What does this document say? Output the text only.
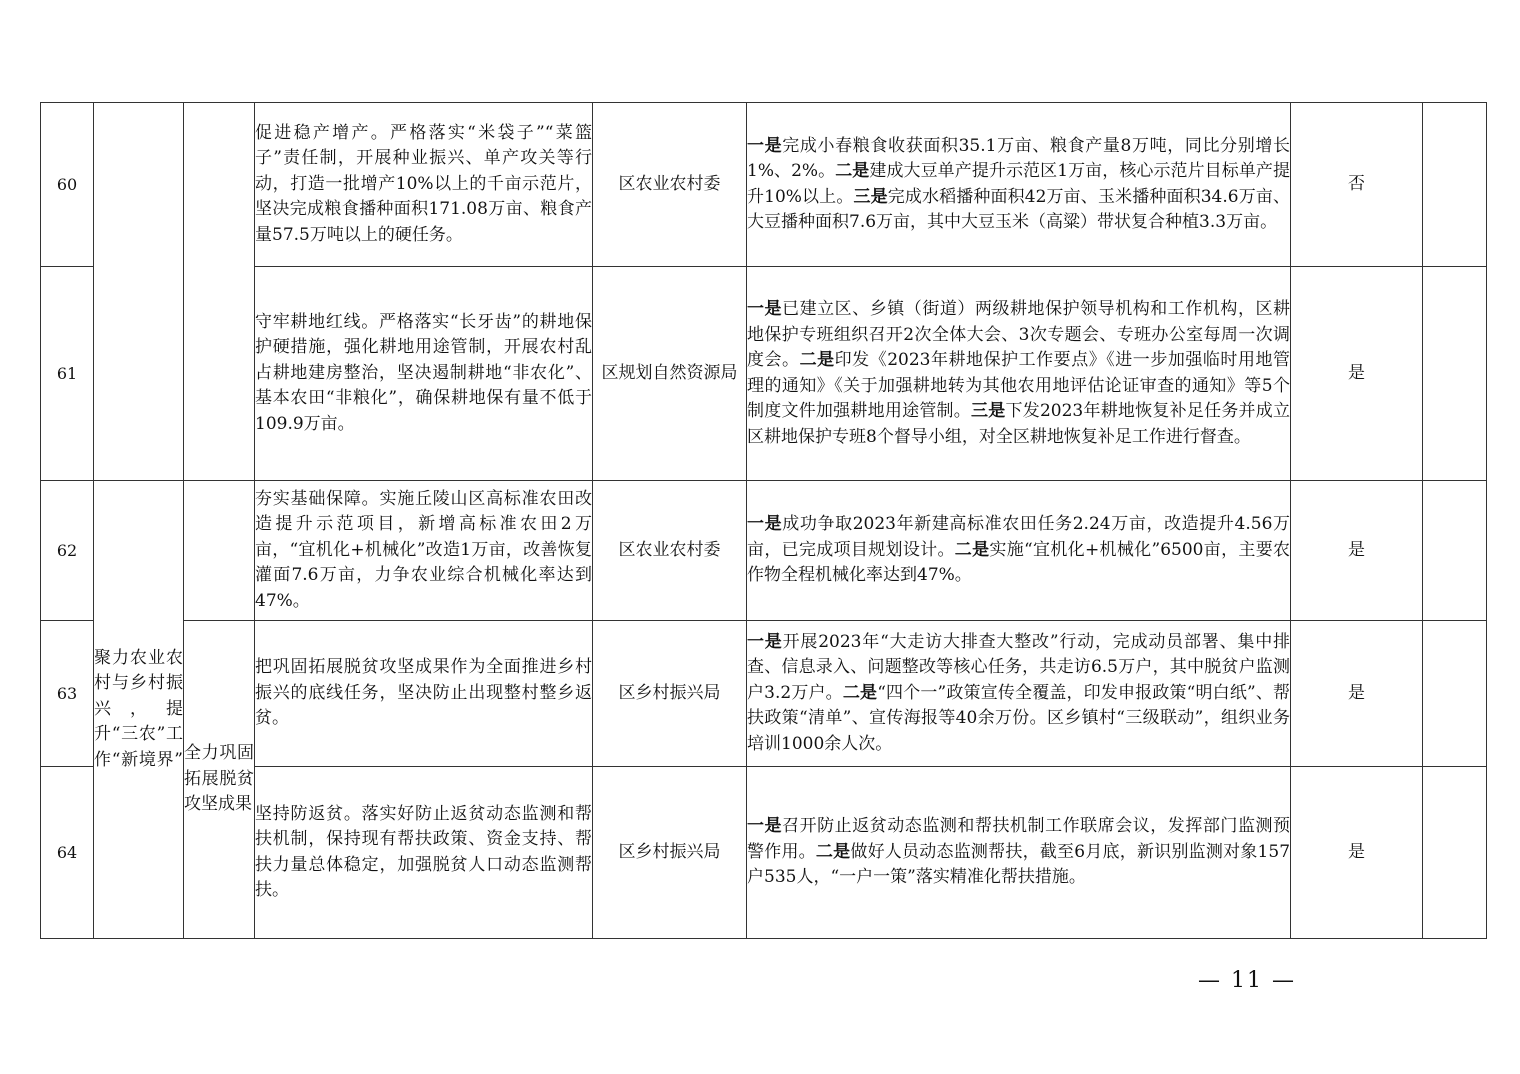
60			促进稳产增产。严格落实“米袋子”“菜篮子”责任制，开展种业振兴、单产攻关等行动，打造一批增产10%以上的千亩示范片，坚决完成粮食播种面积171.08万亩、粮食产量57.5万吨以上的硬任务。	区农业农村委	一是完成小春粮食收获面积35.1万亩、粮食产量8万吨，同比分别增长1%、2%。二是建成大豆单产提升示范区1万亩，核心示范片目标单产提升10%以上。三是完成水稻播种面积42万亩、玉米播种面积34.6万亩、大豆播种面积7.6万亩，其中大豆玉米（高粱）带状复合种植3.3万亩。	否	
61			守牢耕地红线。严格落实“长牙齿”的耕地保护硬措施，强化耕地用途管制，开展农村乱占耕地建房整治，坚决遏制耕地“非农化”、基本农田“非粮化”，确保耕地保有量不低于109.9万亩。	区规划自然资源局	一是已建立区、乡镇（街道）两级耕地保护领导机构和工作机构，区耕地保护专班组织召开2次全体大会、3次专题会、专班办公室每周一次调度会。二是印发《2023年耕地保护工作要点》《进一步加强临时用地管理的通知》《关于加强耕地转为其他农用地评估论证审查的通知》等5个制度文件加强耕地用途管制。三是下发2023年耕地恢复补足任务并成立区耕地保护专班8个督导小组，对全区耕地恢复补足工作进行督查。	是	
62	聚力农业农村与乡村振兴，提升“三农”工作“新境界”		夯实基础保障。实施丘陵山区高标准农田改造提升示范项目，新增高标准农田2万亩，“宜机化+机械化”改造1万亩，改善恢复灌面7.6万亩，力争农业综合机械化率达到47%。	区农业农村委	一是成功争取2023年新建高标准农田任务2.24万亩，改造提升4.56万亩，已完成项目规划设计。二是实施“宜机化+机械化”6500亩，主要农作物全程机械化率达到47%。	是	
63		全力巩固拓展脱贫攻坚成果	把巩固拓展脱贫攻坚成果作为全面推进乡村振兴的底线任务，坚决防止出现整村整乡返贫。	区乡村振兴局	一是开展2023年“大走访大排查大整改”行动，完成动员部署、集中排查、信息录入、问题整改等核心任务，共走访6.5万户，其中脱贫户监测户3.2万户。二是“四个一”政策宣传全覆盖，印发申报政策“明白纸”、帮扶政策“清单”、宣传海报等40余万份。区乡镇村“三级联动”，组织业务培训1000余人次。	是	
64			坚持防返贫。落实好防止返贫动态监测和帮扶机制，保持现有帮扶政策、资金支持、帮扶力量总体稳定，加强脱贫人口动态监测帮扶。	区乡村振兴局	一是召开防止返贫动态监测和帮扶机制工作联席会议，发挥部门监测预警作用。二是做好人员动态监测帮扶，截至6月底，新识别监测对象157户535人，“一户一策”落实精准化帮扶措施。	是	
— 11 —
